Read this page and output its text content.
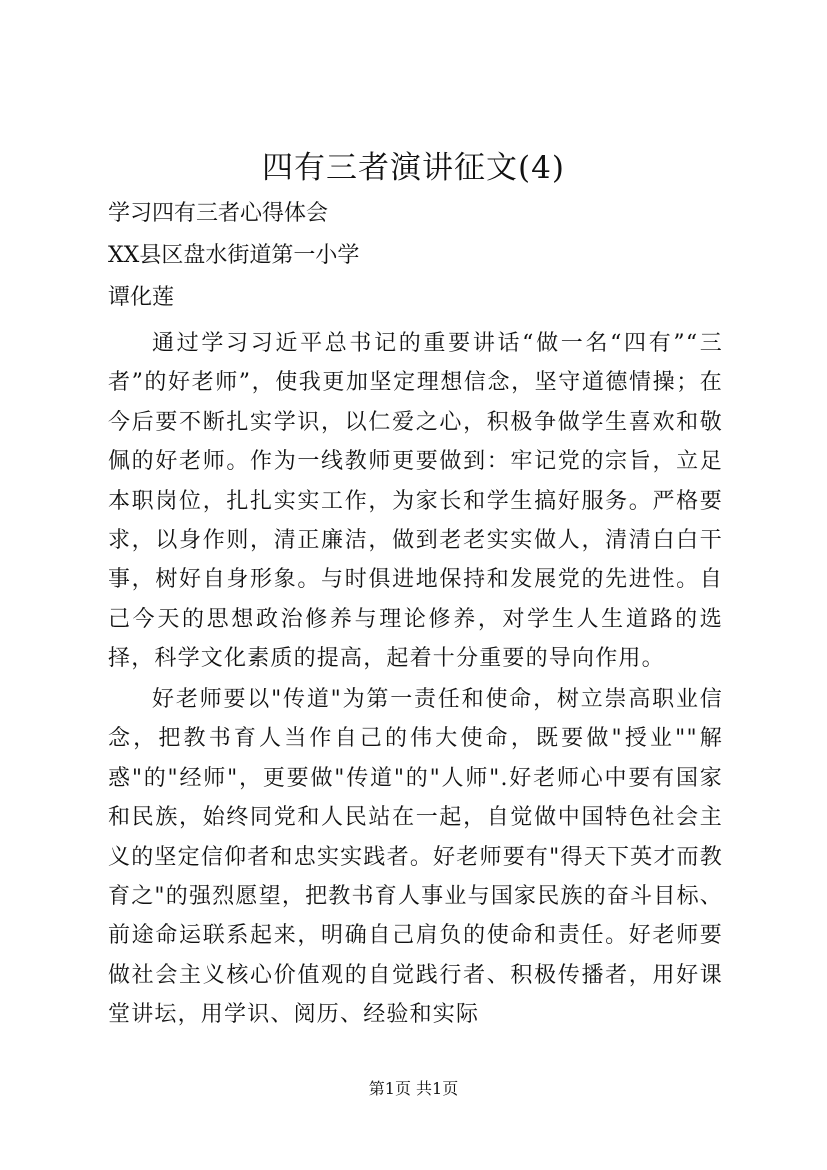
四有三者演讲征文(4)

学习四有三者心得体会

XX县区盘水街道第一小学

谭化莲

通过学习习近平总书记的重要讲话“做一名“四有”“三者”的好老师”，使我更加坚定理想信念，坚守道德情操；在今后要不断扎实学识，以仁爱之心，积极争做学生喜欢和敬佩的好老师。作为一线教师更要做到：牢记党的宗旨，立足本职岗位，扎扎实实工作，为家长和学生搞好服务。严格要求，以身作则，清正廉洁，做到老老实实做人，清清白白干事，树好自身形象。与时俱进地保持和发展党的先进性。自己今天的思想政治修养与理论修养，对学生人生道路的选择，科学文化素质的提高，起着十分重要的导向作用。

好老师要以"传道"为第一责任和使命，树立崇高职业信念，把教书育人当作自己的伟大使命，既要做"授业""解惑"的"经师"，更要做"传道"的"人师".好老师心中要有国家和民族，始终同党和人民站在一起，自觉做中国特色社会主义的坚定信仰者和忠实实践者。好老师要有"得天下英才而教育之"的强烈愿望，把教书育人事业与国家民族的奋斗目标、前途命运联系起来，明确自己肩负的使命和责任。好老师要做社会主义核心价值观的自觉践行者、积极传播者，用好课堂讲坛，用学识、阅历、经验和实际

第1页 共1页
